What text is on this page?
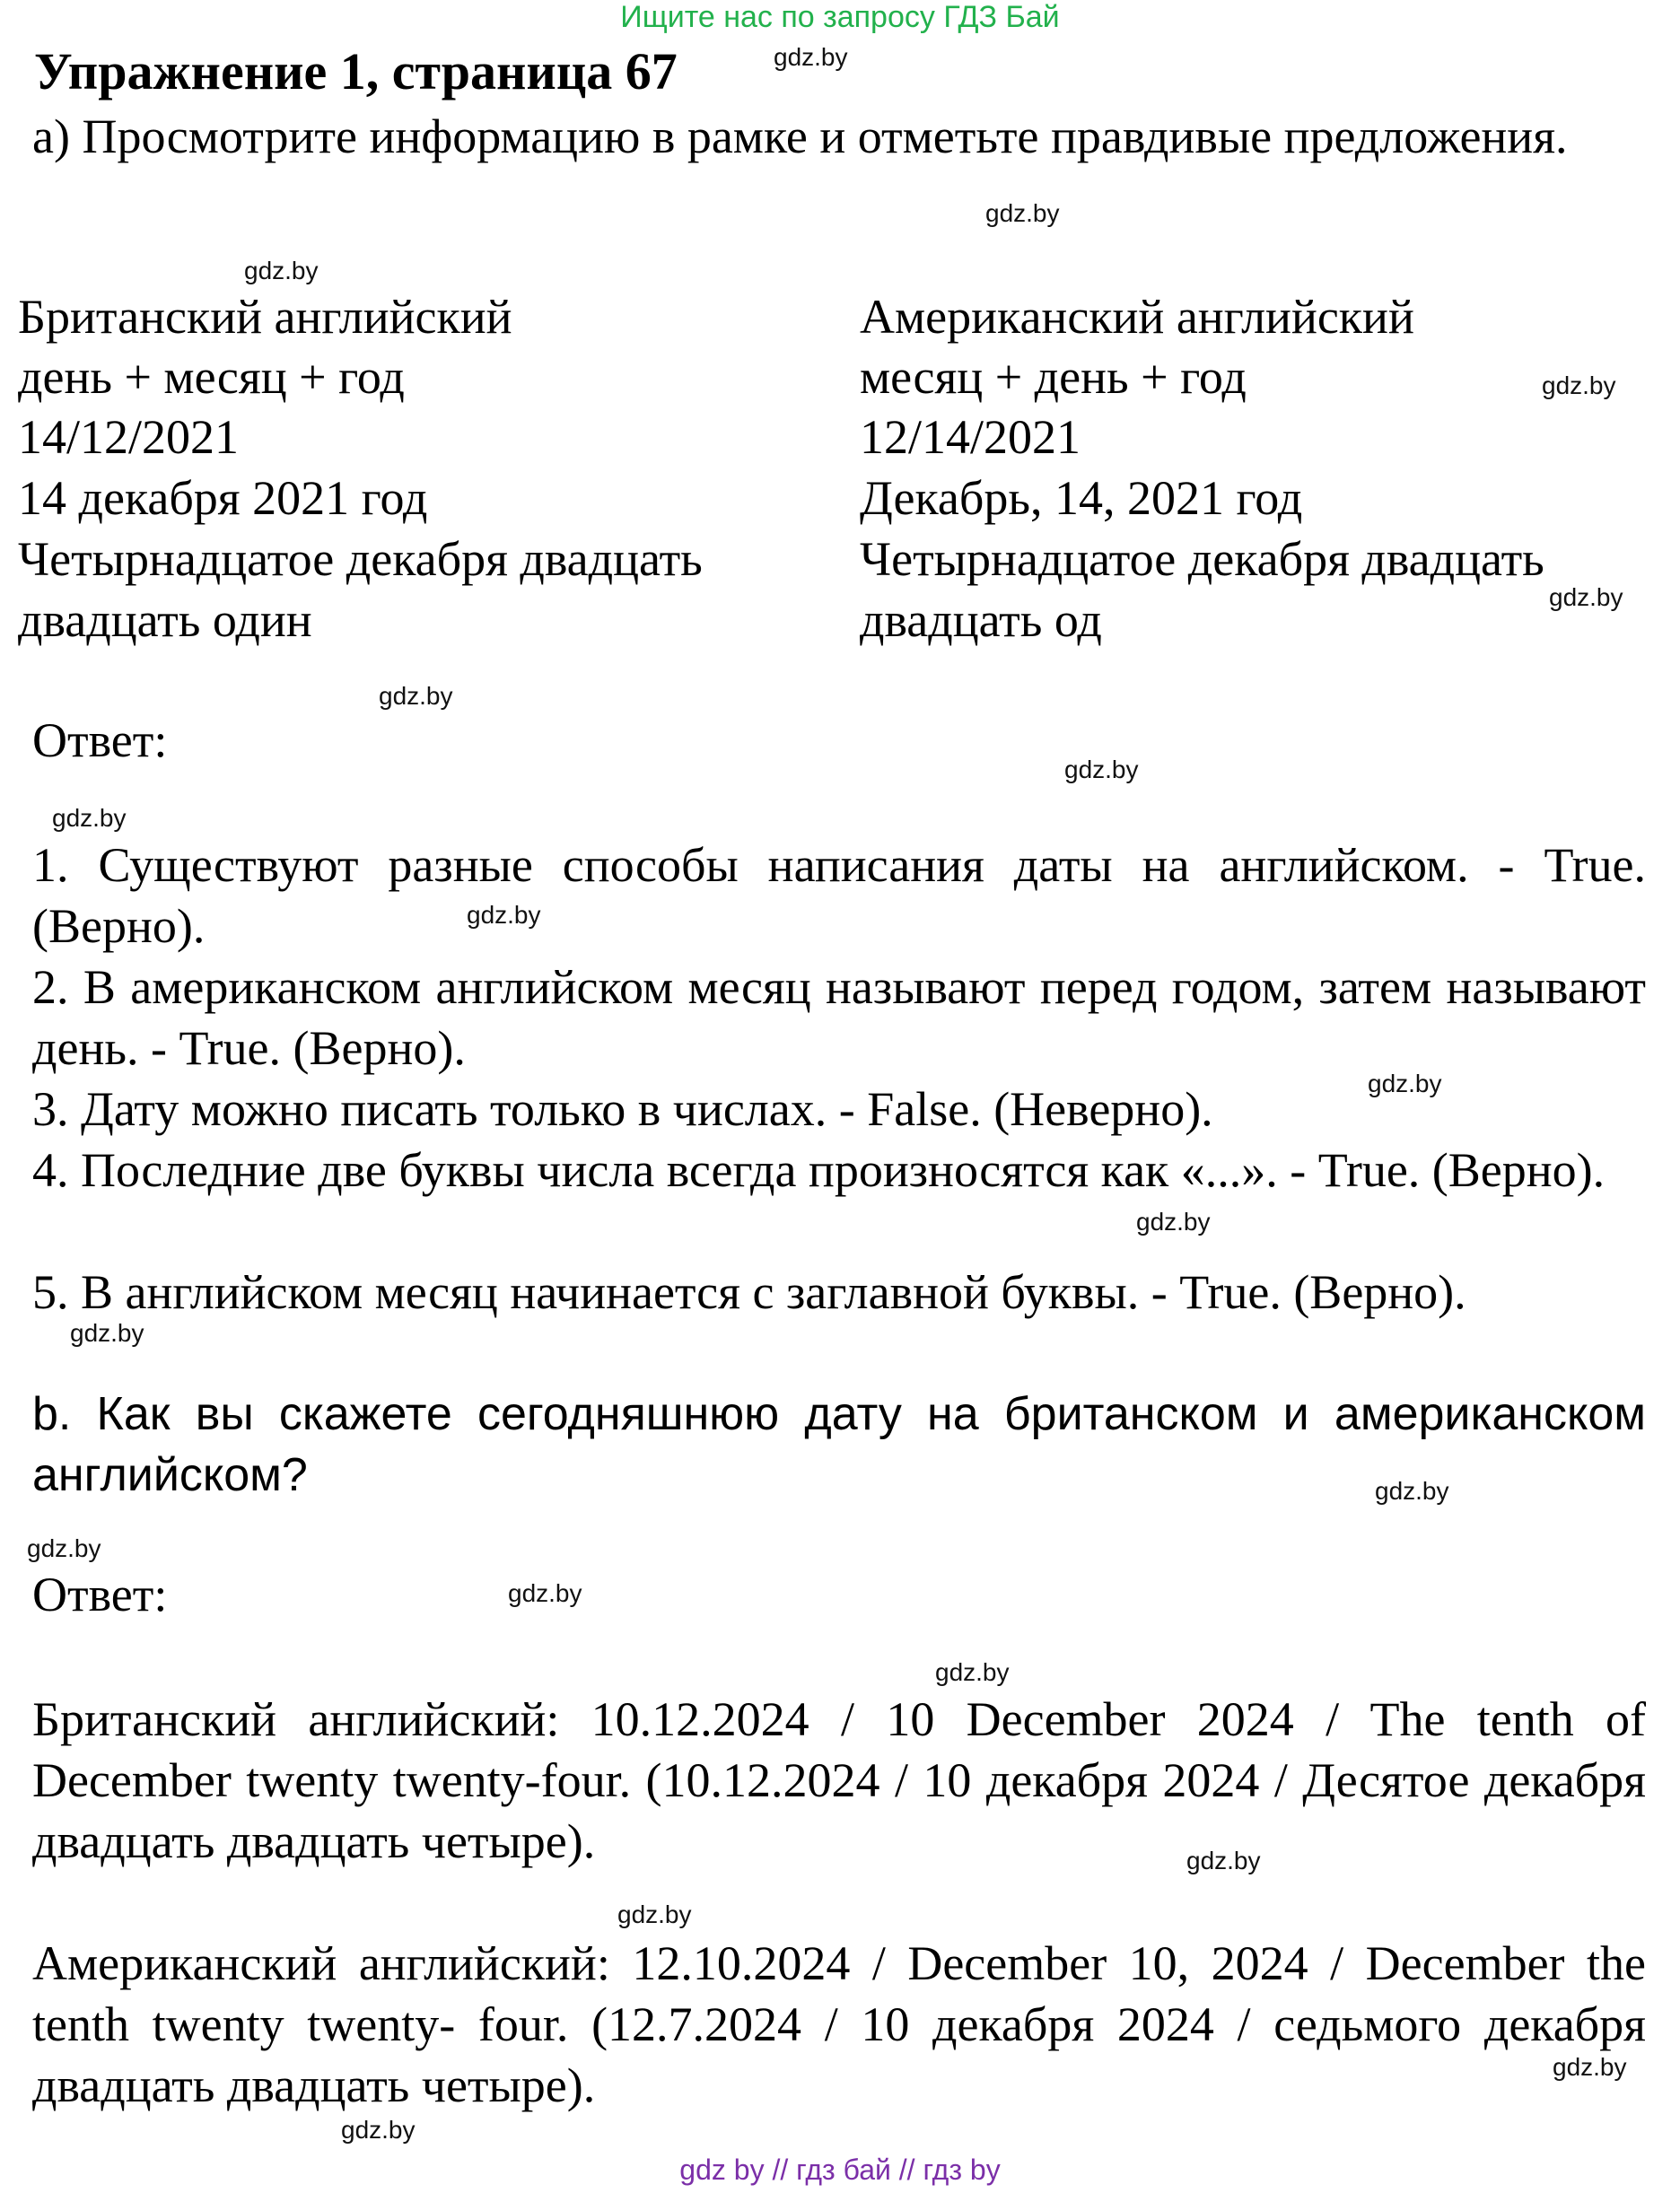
Ищите нас по запросу ГДЗ Бай
Упражнение 1, страница 67
а) Просмотрите информацию в рамке и отметьте правдивые предложения.
Британский английский
день + месяц + год
14/12/2021
14 декабря 2021 год
Четырнадцатое декабря двадцать
двадцать один
Американский английский
месяц + день + год
12/14/2021
Декабрь, 14, 2021 год
Четырнадцатое декабря двадцать
двадцать од
Ответ:
1. Существуют разные способы написания даты на английском. - True. (Верно).
2. В американском английском месяц называют перед годом, затем называют день. - True. (Верно).
3. Дату можно писать только в числах. - False. (Неверно).
4. Последние две буквы числа всегда произносятся как «...». - True. (Верно).
5. В английском месяц начинается с заглавной буквы. - True. (Верно).
b. Как вы скажете сегодняшнюю дату на британском и американском английском?
Ответ:
Британский английский: 10.12.2024 / 10 December 2024 / The tenth of December twenty twenty-four. (10.12.2024 / 10 декабря 2024 / Десятое декабря двадцать двадцать четыре).
Американский английский: 12.10.2024 / December 10, 2024 / December the tenth twenty twenty- four. (12.7.2024 / 10 декабря 2024 / седьмого декабря двадцать двадцать четыре).
gdz.by
gdz.by
gdz.by
gdz.by
gdz.by
gdz.by
gdz.by
gdz.by
gdz.by
gdz.by
gdz.by
gdz.by
gdz.by
gdz.by
gdz.by
gdz.by
gdz.by
gdz.by
gdz.by
gdz.by
gdz by // гдз бай // гдз by
